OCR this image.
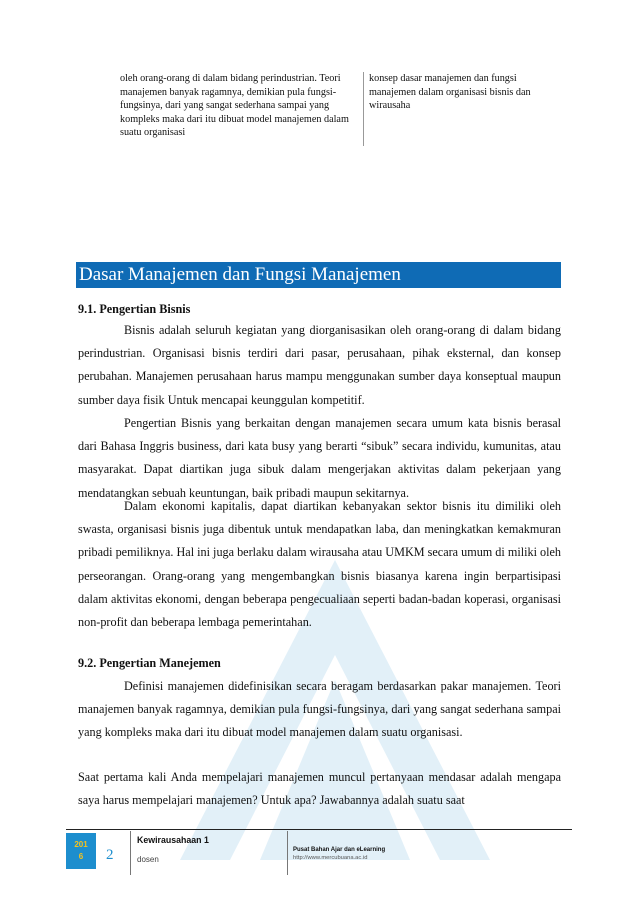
oleh orang-orang di dalam bidang perindustrian. Teori manajemen banyak ragamnya, demikian pula fungsi-fungsinya, dari yang sangat sederhana sampai yang kompleks maka dari itu dibuat model manajemen dalam suatu organisasi
konsep dasar manajemen dan fungsi manajemen dalam organisasi bisnis dan wirausaha
Dasar Manajemen dan Fungsi Manajemen
9.1. Pengertian Bisnis
Bisnis adalah seluruh kegiatan yang diorganisasikan oleh orang-orang di dalam bidang perindustrian. Organisasi bisnis terdiri dari pasar, perusahaan, pihak eksternal, dan konsep perubahan. Manajemen perusahaan harus mampu menggunakan sumber daya konseptual maupun sumber daya fisik Untuk mencapai keunggulan kompetitif.
Pengertian Bisnis yang berkaitan dengan manajemen secara umum kata bisnis berasal dari Bahasa Inggris business, dari kata busy yang berarti “sibuk” secara individu, kumunitas, atau masyarakat. Dapat diartikan juga sibuk dalam mengerjakan aktivitas dalam pekerjaan yang mendatangkan sebuah keuntungan, baik pribadi maupun sekitarnya.
Dalam ekonomi kapitalis, dapat diartikan kebanyakan sektor bisnis itu dimiliki oleh swasta, organisasi bisnis juga dibentuk untuk mendapatkan laba, dan meningkatkan kemakmuran pribadi pemiliknya. Hal ini juga berlaku dalam wirausaha atau UMKM secara umum di miliki oleh perseorangan. Orang-orang yang mengembangkan bisnis biasanya karena ingin berpartisipasi dalam aktivitas ekonomi, dengan beberapa pengecualiaan seperti badan-badan koperasi, organisasi non-profit dan beberapa lembaga pemerintahan.
9.2. Pengertian Manejemen
Definisi manajemen didefinisikan secara beragam berdasarkan pakar manajemen. Teori manajemen banyak ragamnya, demikian pula fungsi-fungsinya, dari yang sangat sederhana sampai yang kompleks maka dari itu dibuat model manajemen dalam suatu organisasi.
Saat pertama kali Anda mempelajari manajemen muncul pertanyaan mendasar adalah mengapa saya harus mempelajari manajemen? Untuk apa? Jawabannya adalah suatu saat
201
6	2
Kewirausahaan 1
dosen
Pusat Bahan Ajar dan eLearning
http://www.mercubuana.ac.id
